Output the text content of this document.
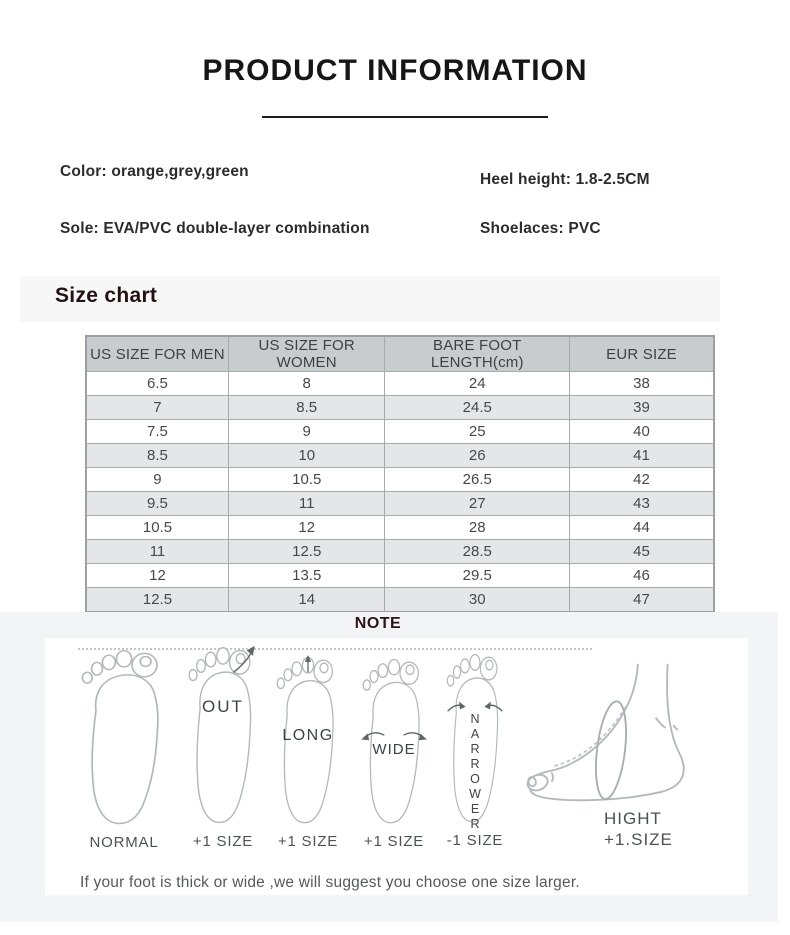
PRODUCT INFORMATION
Color: orange,grey,green	Heel height: 1.8-2.5CM
Sole: EVA/PVC double-layer combination	Shoelaces: PVC
Size chart
US SIZE FOR MEN	US SIZE FOR WOMEN	BARE FOOT LENGTH(cm)	EUR SIZE
6.5	8	24	38
7	8.5	24.5	39
7.5	9	25	40
8.5	10	26	41
9	10.5	26.5	42
9.5	11	27	43
10.5	12	28	44
11	12.5	28.5	45
12	13.5	29.5	46
12.5	14	30	47
NOTE
NORMAL
OUT
+1 SIZE
LONG
+1 SIZE
WIDE
+1 SIZE
NARROWER
-1 SIZE
HIGHT
+1.SIZE
If your foot is thick or wide ,we will suggest you choose one size larger.
